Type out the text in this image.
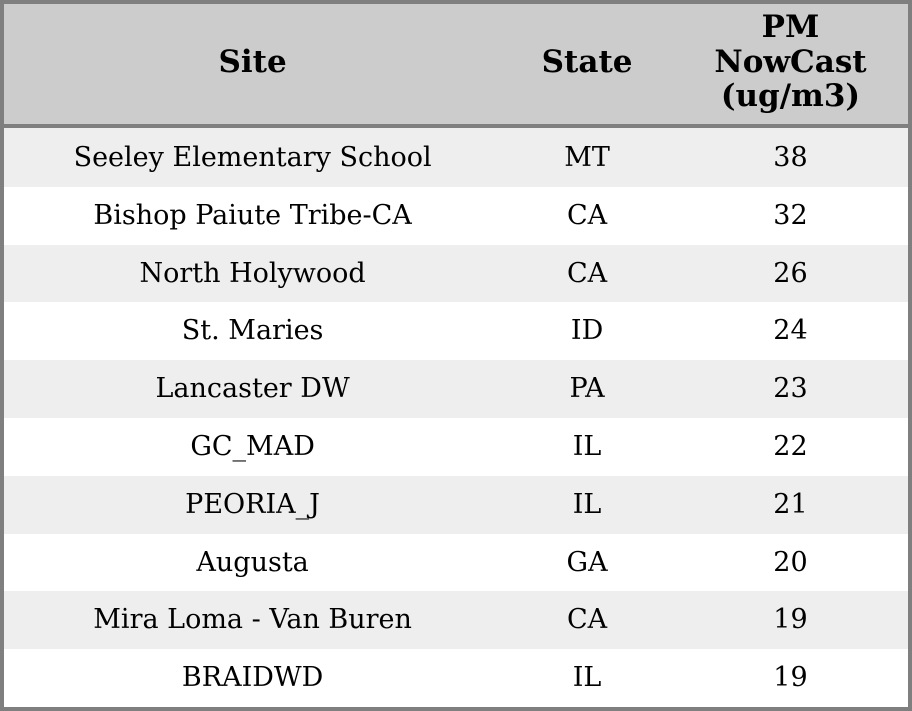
Site	State	PM
NowCast
(ug/m3)

Seeley Elementary School	MT	38
Bishop Paiute Tribe-CA	CA	32
North Holywood	CA	26
St. Maries	ID	24
Lancaster DW	PA	23
GC_MAD	IL	22
PEORIA_J	IL	21
Augusta	GA	20
Mira Loma - Van Buren	CA	19
BRAIDWD	IL	19
